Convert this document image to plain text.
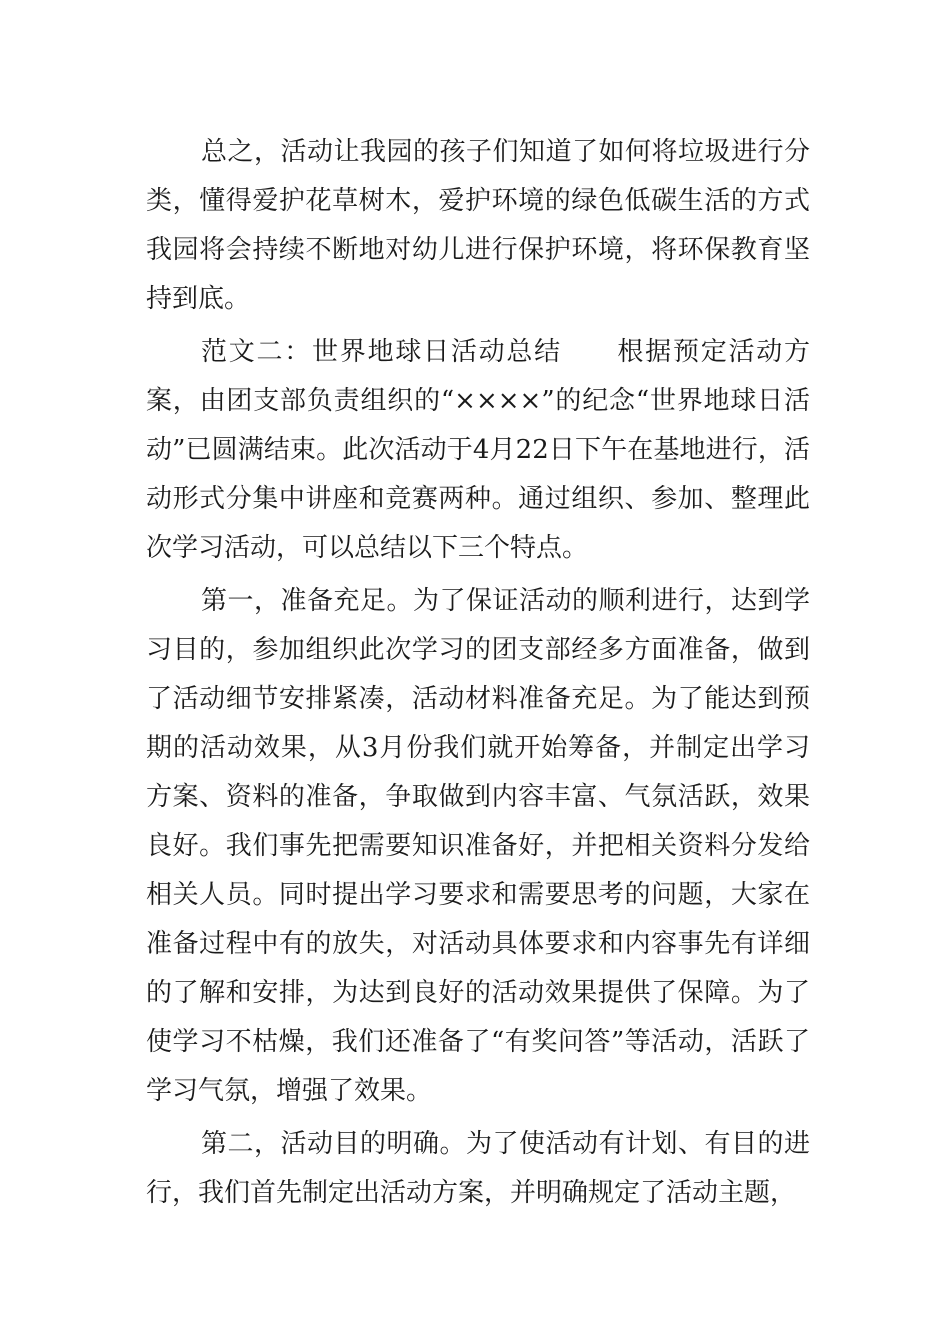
总之，活动让我园的孩子们知道了如何将垃圾进行分类，懂得爱护花草树木，爱护环境的绿色低碳生活的方式我园将会持续不断地对幼儿进行保护环境，将环保教育坚持到底。

范文二：世界地球日活动总结　　根据预定活动方案，由团支部负责组织的“××××”的纪念“世界地球日活动”已圆满结束。此次活动于4月22日下午在基地进行，活动形式分集中讲座和竞赛两种。通过组织、参加、整理此次学习活动，可以总结以下三个特点。

第一，准备充足。为了保证活动的顺利进行，达到学习目的，参加组织此次学习的团支部经多方面准备，做到了活动细节安排紧凑，活动材料准备充足。为了能达到预期的活动效果，从3月份我们就开始筹备，并制定出学习方案、资料的准备，争取做到内容丰富、气氛活跃，效果良好。我们事先把需要知识准备好，并把相关资料分发给相关人员。同时提出学习要求和需要思考的问题，大家在准备过程中有的放失，对活动具体要求和内容事先有详细的了解和安排，为达到良好的活动效果提供了保障。为了使学习不枯燥，我们还准备了“有奖问答”等活动，活跃了学习气氛，增强了效果。

第二，活动目的明确。为了使活动有计划、有目的进行，我们首先制定出活动方案，并明确规定了活动主题，
